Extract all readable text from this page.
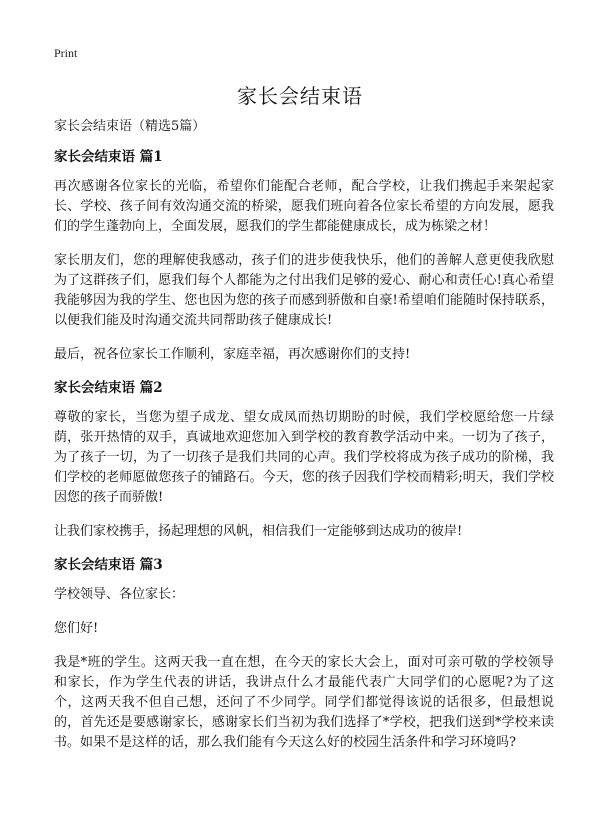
Print
家长会结束语

家长会结束语（精选5篇）

家长会结束语 篇1

再次感谢各位家长的光临，希望你们能配合老师，配合学校，让我们携起手来架起家长、学校、孩子间有效沟通交流的桥梁，愿我们班向着各位家长希望的方向发展，愿我们的学生蓬勃向上，全面发展，愿我们的学生都能健康成长，成为栋梁之材！

家长朋友们，您的理解使我感动，孩子们的进步使我快乐，他们的善解人意更使我欣慰为了这群孩子们，愿我们每个人都能为之付出我们足够的爱心、耐心和责任心!真心希望我能够因为我的学生、您也因为您的孩子而感到骄傲和自豪!希望咱们能随时保持联系，以便我们能及时沟通交流共同帮助孩子健康成长!

最后，祝各位家长工作顺利，家庭幸福，再次感谢你们的支持!

家长会结束语 篇2

尊敬的家长，当您为望子成龙、望女成凤而热切期盼的时候，我们学校愿给您一片绿荫，张开热情的双手，真诚地欢迎您加入到学校的教育教学活动中来。一切为了孩子，为了孩子一切，为了一切孩子是我们共同的心声。我们学校将成为孩子成功的阶梯，我们学校的老师愿做您孩子的铺路石。今天，您的孩子因我们学校而精彩;明天，我们学校因您的孩子而骄傲!

让我们家校携手，扬起理想的风帆，相信我们一定能够到达成功的彼岸!

家长会结束语 篇3

学校领导、各位家长：

您们好!

我是*班的学生。这两天我一直在想，在今天的家长大会上，面对可亲可敬的学校领导和家长，作为学生代表的讲话，我讲点什么才最能代表广大同学们的心愿呢?为了这个，这两天我不但自己想，还问了不少同学。同学们都觉得该说的话很多，但最想说的，首先还是要感谢家长，感谢家长们当初为我们选择了*学校，把我们送到*学校来读书。如果不是这样的话，那么我们能有今天这么好的校园生活条件和学习环境吗?
